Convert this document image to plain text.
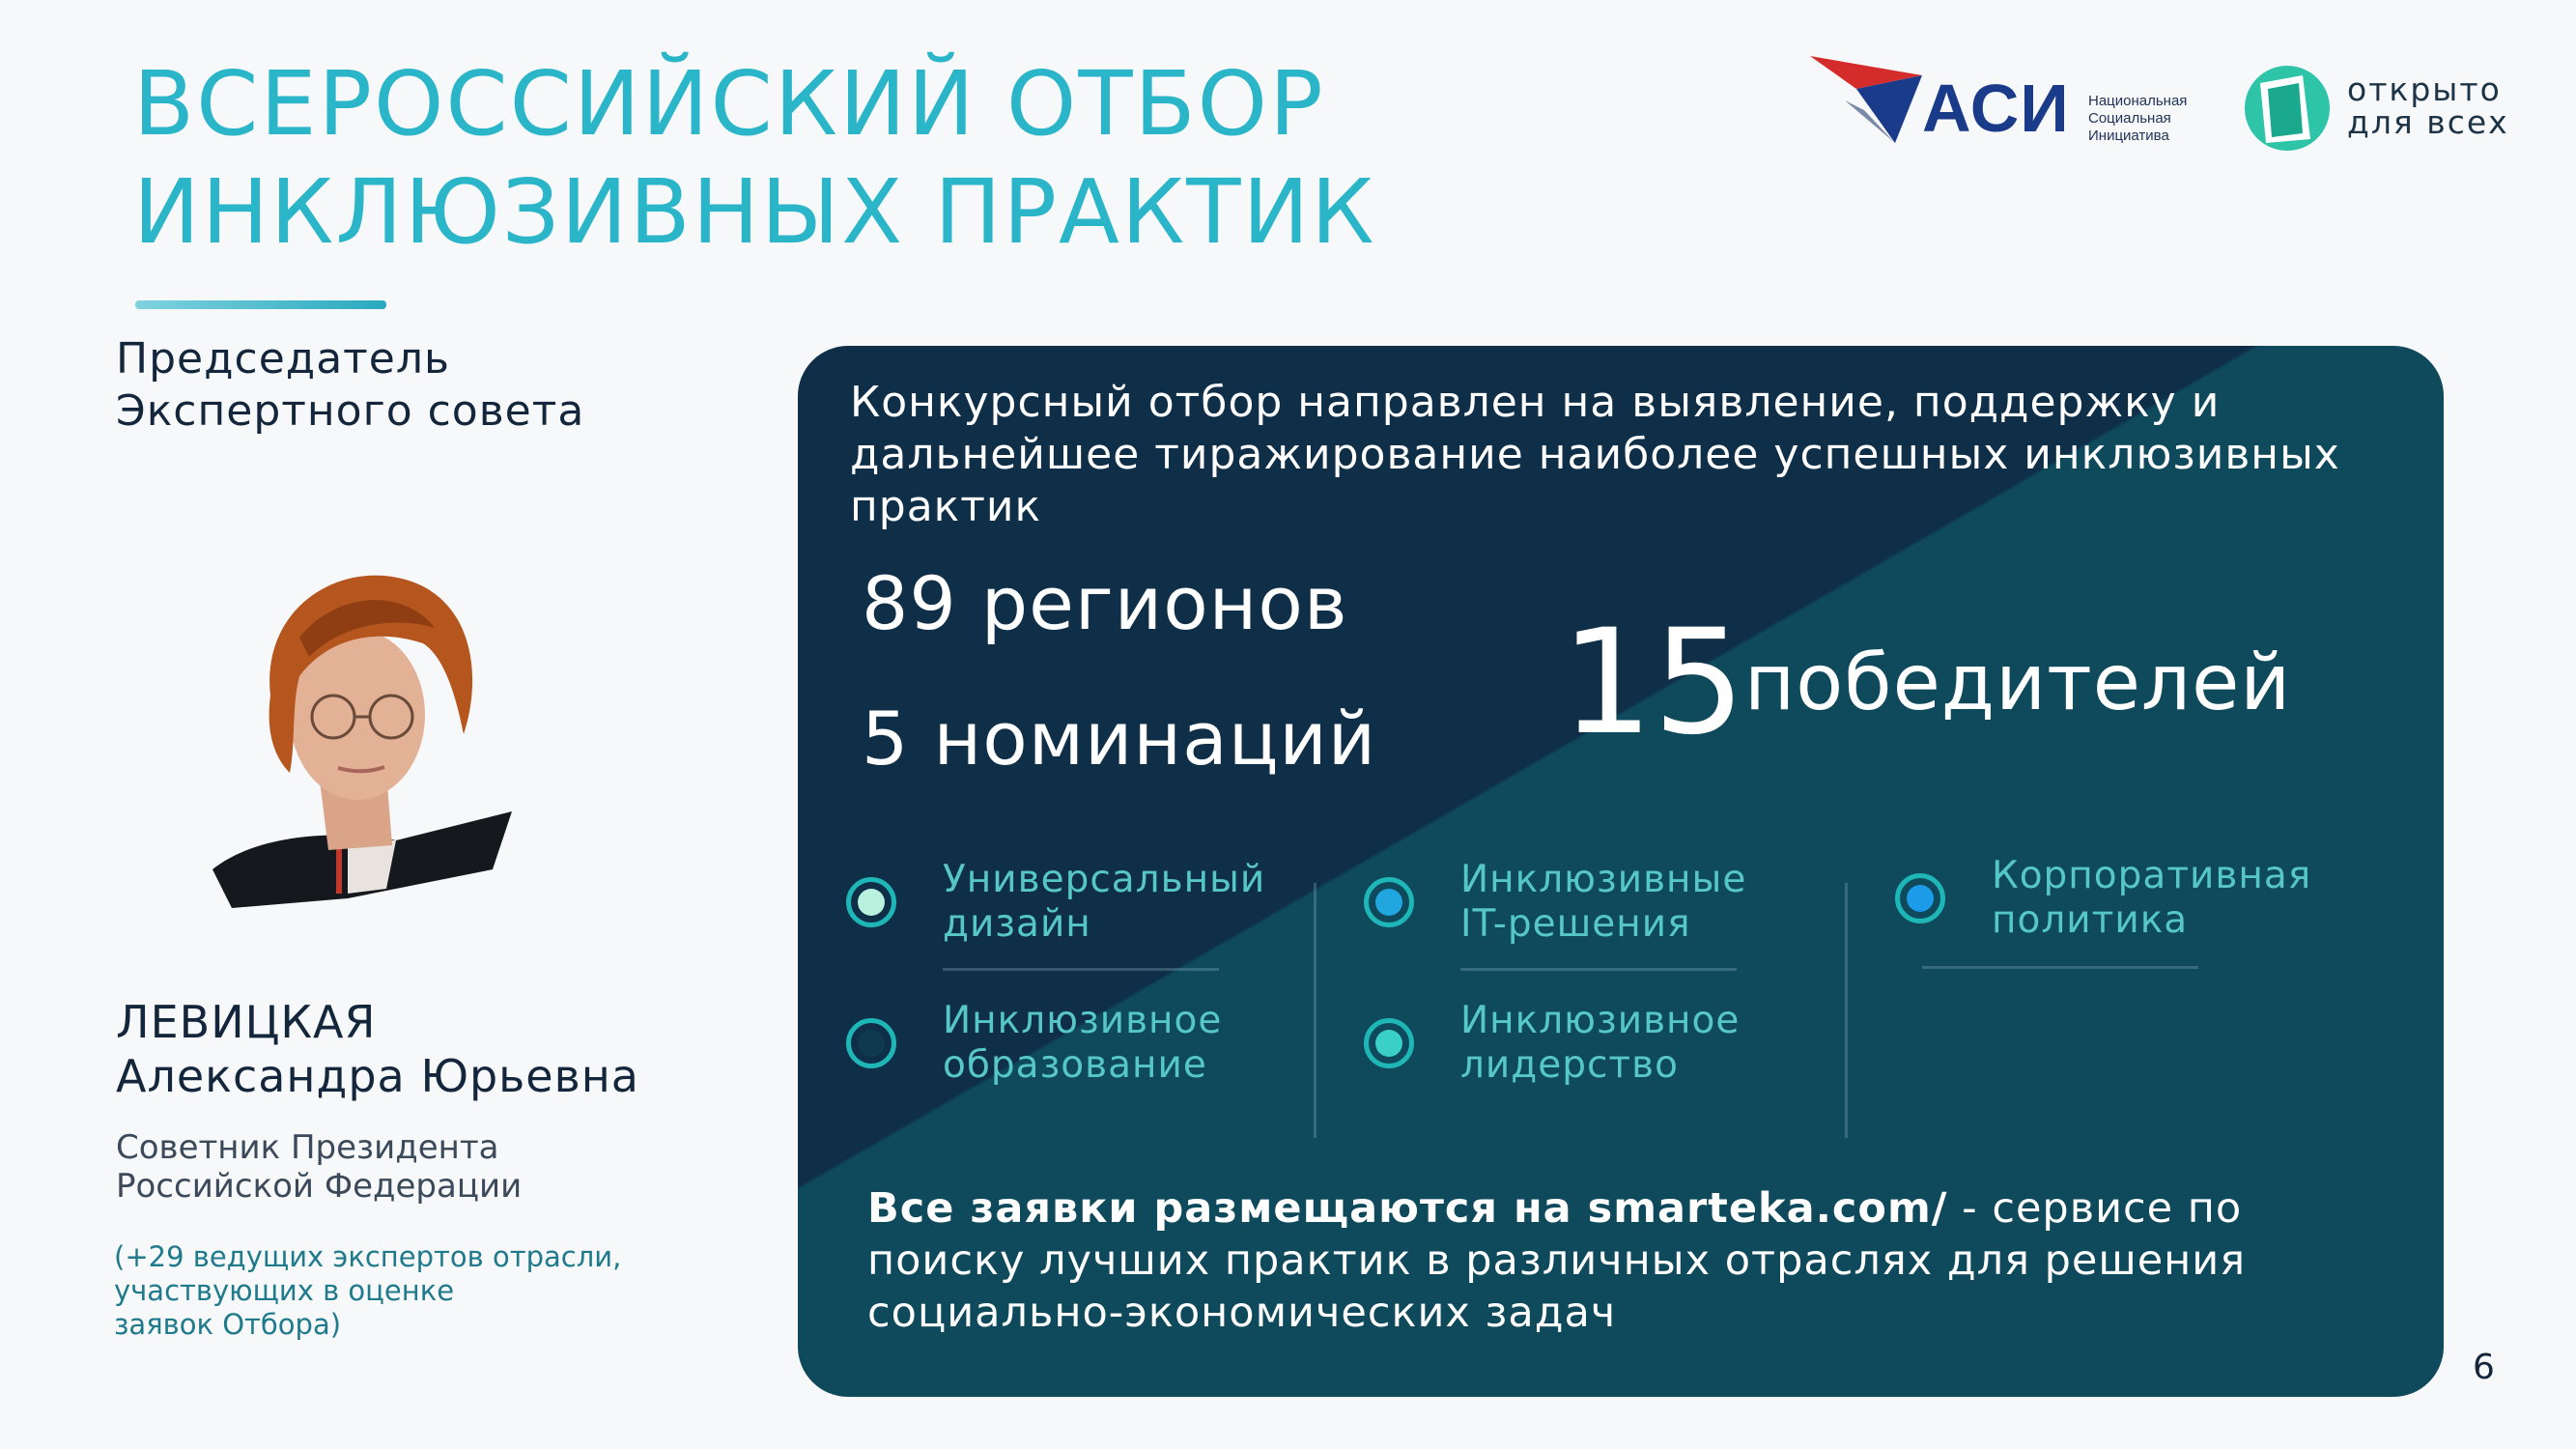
ВСЕРОССИЙСКИЙ ОТБОР
ИНКЛЮЗИВНЫХ ПРАКТИК
АСИ Национальная
Социальная
Инициатива
открыто
для всех
Председатель Экспертного совета
ЛЕВИЦКАЯ
Александра Юрьевна
Советник Президента
Российской Федерации
(+29 ведущих экспертов отрасли,
участвующих в оценке
заявок Отбора)
Конкурсный отбор направлен на выявление, поддержку и дальнейшее тиражирование наиболее успешных инклюзивных практик
89 регионов
5 номинаций 15 победителей
Универсальный
дизайн
Инклюзивные
IT-решения
Корпоративная
политика
Инклюзивное
образование
Инклюзивное
лидерство
Все заявки размещаются на smarteka.com/ - сервисе по поиску лучших практик в различных отраслях для решения социально-экономических задач
6
